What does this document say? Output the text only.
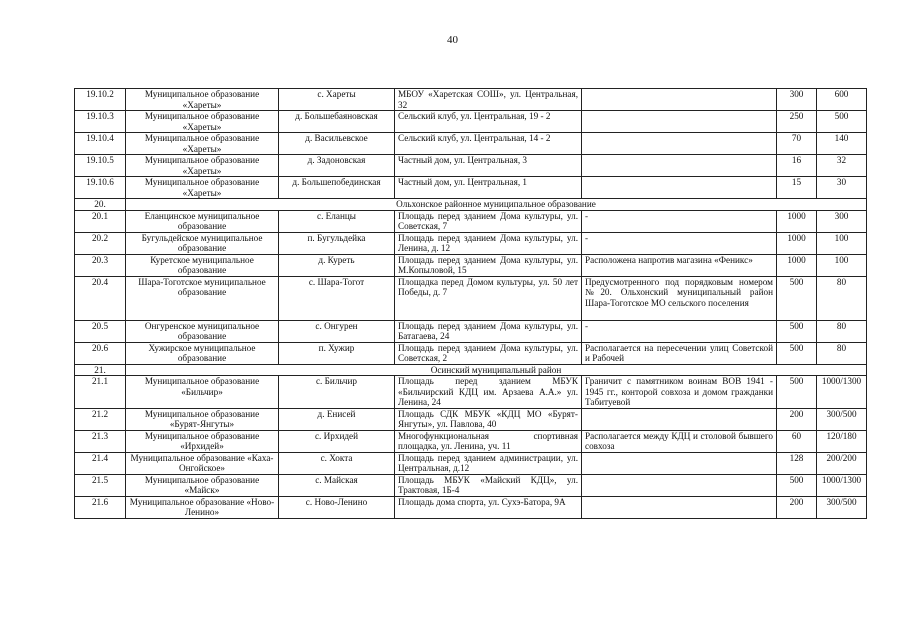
40
19.10.2	Муниципальное образование «Хареты»	с. Хареты	МБОУ «Харетская СОШ», ул. Центральная, 32		300	600
19.10.3	Муниципальное образование «Хареты»	д. Большебаяновская	Сельский клуб, ул. Центральная, 19 - 2		250	500
19.10.4	Муниципальное образование «Хареты»	д. Васильевское	Сельский клуб, ул. Центральная, 14 - 2		70	140
19.10.5	Муниципальное образование «Хареты»	д. Задоновская	Частный дом, ул. Центральная, 3		16	32
19.10.6	Муниципальное образование «Хареты»	д. Большепобединская	Частный дом, ул. Центральная, 1		15	30
20.	Ольхонское районное муниципальное образование					
20.1	Еланцинское муниципальное образование	с. Еланцы	Площадь перед зданием Дома культуры, ул. Советская, 7	-	1000	300
20.2	Бугульдейское муниципальное образование	п. Бугульдейка	Площадь перед зданием Дома культуры, ул. Ленина, д. 12	-	1000	100
20.3	Куретское муниципальное образование	д. Куреть	Площадь перед зданием Дома культуры, ул. М.Копыловой, 15	Расположена напротив магазина «Феникс»	1000	100
20.4	Шара-Тоготское муниципальное образование	с. Шара-Тогот	Площадка перед Домом культуры, ул. 50 лет Победы, д. 7	Предусмотренного под порядковым номером №20. Ольхонский муниципальный район Шара-Тоготское МО сельского поселения	500	80
20.5	Онгуренское муниципальное образование	с. Онгурен	Площадь перед зданием Дома культуры, ул. Батагаева, 24	-	500	80
20.6	Хужирское муниципальное образование	п. Хужир	Площадь перед зданием Дома культуры, ул. Советская, 2	Располагается на пересечении улиц Советской и Рабочей	500	80
21.	Осинский муниципальный район					
21.1	Муниципальное образование «Бильчир»	с. Бильчир	Площадь перед зданием МБУК «Бильчирский КДЦ им. Арзаева А.А.» ул. Ленина, 24	Граничит с памятником воинам ВОВ 1941 - 1945 гг., конторой совхоза и домом гражданки Табитуевой	500	1000/1300
21.2	Муниципальное образование «Бурят-Янгуты»	д. Енисей	Площадь СДК МБУК «КДЦ МО «Бурят-Янгуты», ул. Павлова, 40		200	300/500
21.3	Муниципальное образование «Ирхидей»	с. Ирхидей	Многофункциональная спортивная площадка, ул. Ленина, уч. 11	Располагается между КДЦ и столовой бывшего совхоза	60	120/180
21.4	Муниципальное образование «Каха-Онгойское»	с. Хокта	Площадь перед зданием администрации, ул. Центральная, д.12		128	200/200
21.5	Муниципальное образование «Майск»	с. Майская	Площадь МБУК «Майский КДЦ», ул. Трактовая, 1Б-4		500	1000/1300
21.6	Муниципальное образование «Ново-Ленино»	с. Ново-Ленино	Площадь дома спорта, ул. Сухэ-Батора, 9А		200	300/500
